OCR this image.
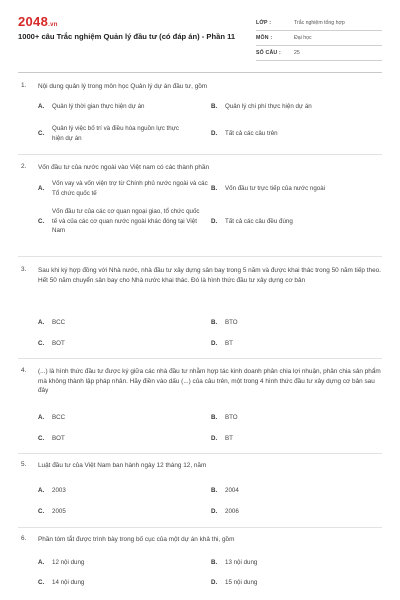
2048.vn
1000+ câu Trắc nghiệm Quản lý đầu tư (có đáp án) - Phần 11
LỚP :	Trắc nghiệm tổng hợp
MÔN :	Đại học
SỐ CÂU :	25
1. Nội dung quản lý trong môn học Quản lý dự án đầu tư, gồm
A. Quản lý thời gian thực hiện dự án	B. Quản lý chi phí thực hiện dự án
C.
Quản lý việc bố trí và điều hòa nguồn lực thực hiện dự án
D. Tất cả các câu trên
2. Vốn đầu tư của nước ngoài vào Việt nam có các thành phần
A.
Vốn vay và vốn viện trợ từ Chính phủ nước ngoài và các Tổ chức quốc tế
B. Vốn đầu tư trực tiếp của nước ngoài
C.
Vốn đầu tư của các cơ quan ngoại giao, tổ chức quốc tế và của các cơ quan nước ngoài khác đóng tại Việt Nam
D. Tất cả các câu đều đúng
3. Sau khi ký hợp đồng với Nhà nước, nhà đầu tư xây dựng sân bay trong 5 năm và được khai thác trong 50 năm tiếp theo. Hết 50 năm chuyển sân bay cho Nhà nước khai thác. Đó là hình thức đầu tư xây dựng cơ bản
A. BCC	B. BTO
C. BOT	D. BT
4. (...) là hình thức đầu tư được ký giữa các nhà đầu tư nhằm hợp tác kinh doanh phân chia lợi nhuận, phân chia sản phẩm mà không thành lập pháp nhân. Hãy điền vào dấu (...) của câu trên, một trong 4 hình thức đầu tư xây dựng cơ bản sau đây
A. BCC	B. BTO
C. BOT	D. BT
5. Luật đầu tư của Việt Nam ban hành ngày 12 tháng 12, năm
A. 2003	B. 2004
C. 2005	D. 2006
6. Phần tóm tắt được trình bày trong bố cục của một dự án khả thi, gồm
A. 12 nội dung	B. 13 nội dung
C. 14 nội dung	D. 15 nội dung
